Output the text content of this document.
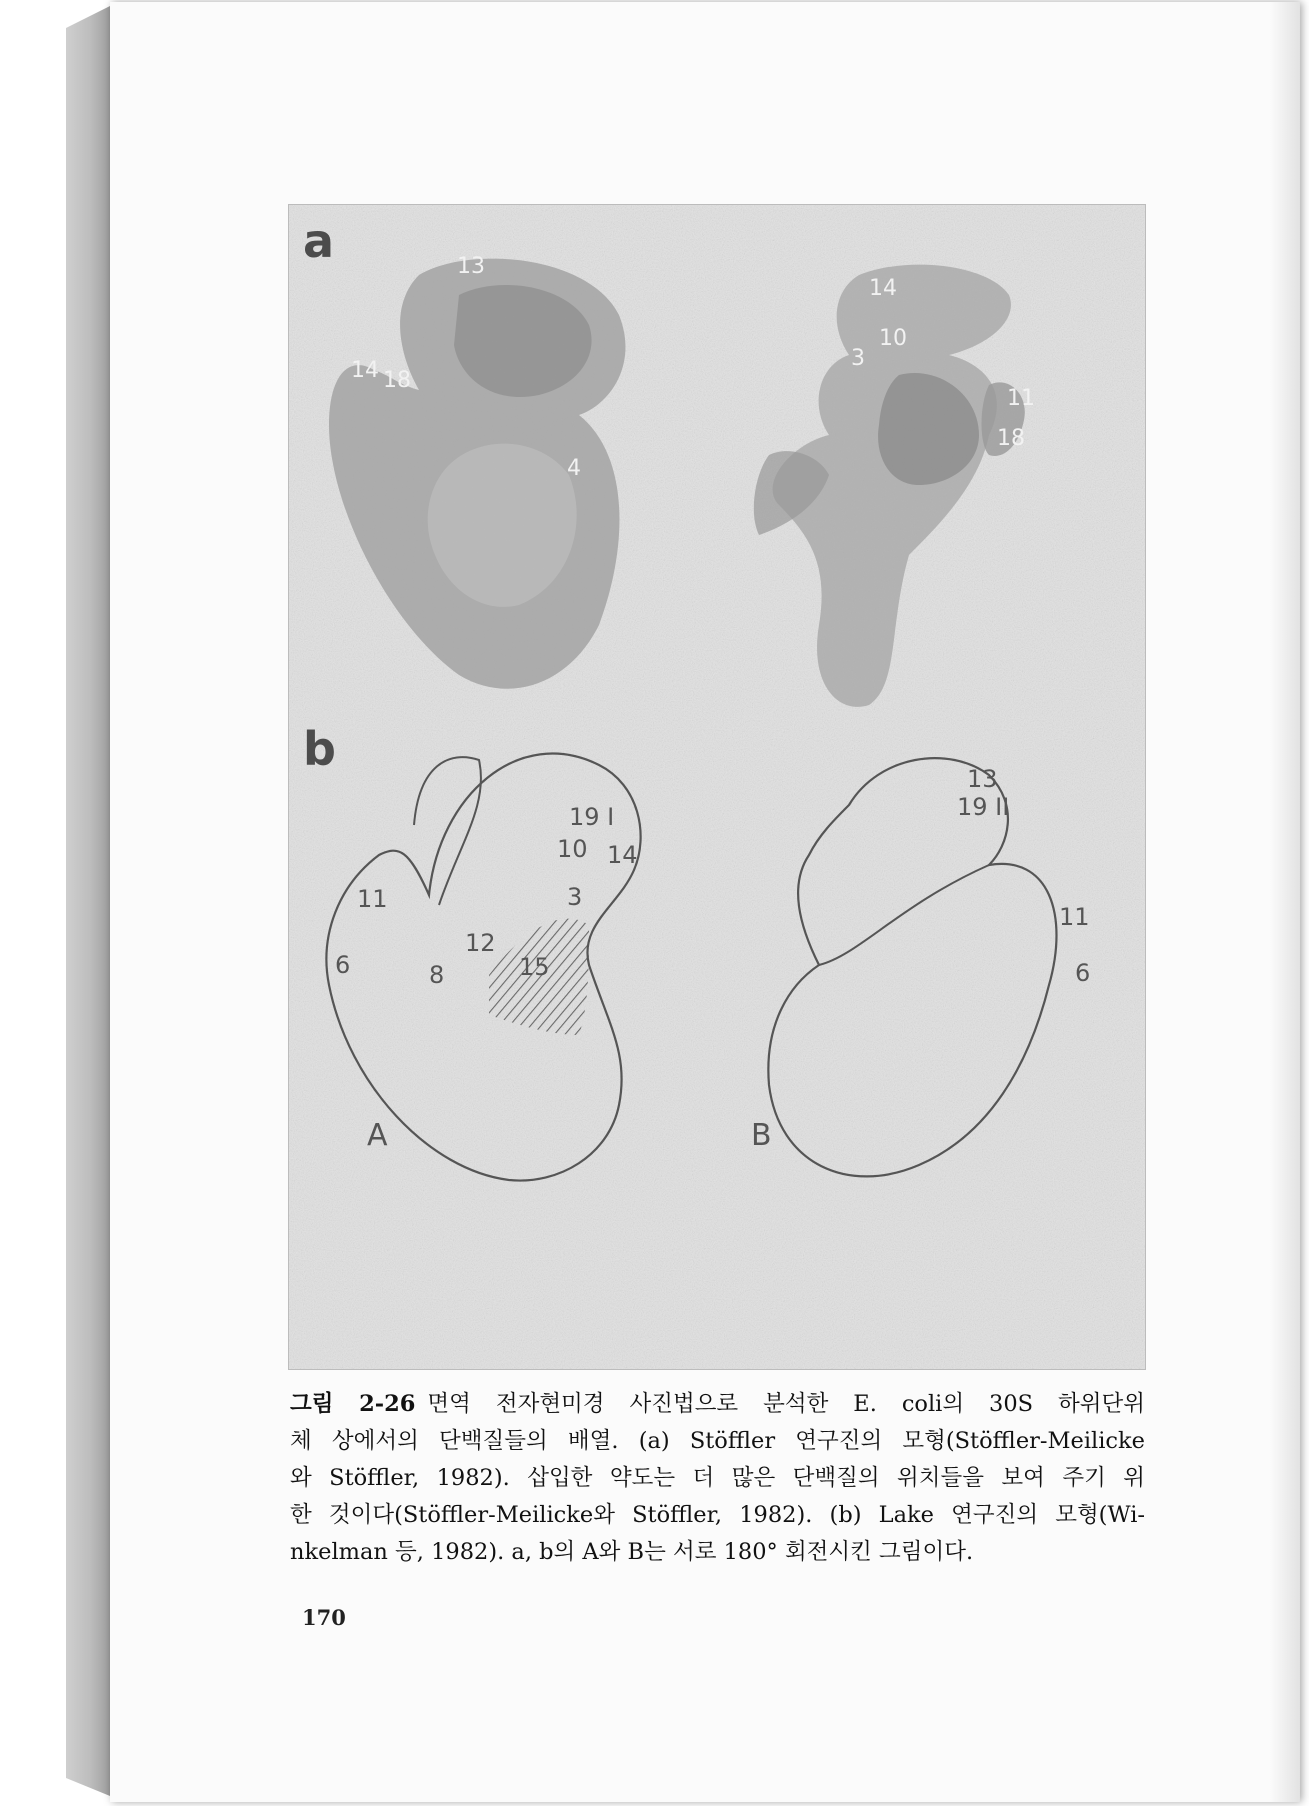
a
b
13
14 18
4
14
3
10
11
18
19 I
10 14
3
11
6	8
12
15
13
19 II
11
6
A	B
그림 2-26 면역 전자현미경 사진법으로 분석한 E. coli의 30S 하위단위
체 상에서의 단백질들의 배열. (a) Stöffler 연구진의 모형(Stöffler-Meilicke
와 Stöffler, 1982). 삽입한 약도는 더 많은 단백질의 위치들을 보여 주기 위
한 것이다(Stöffler-Meilicke와 Stöffler, 1982). (b) Lake 연구진의 모형(Wi-
nkelman 등, 1982). a, b의 A와 B는 서로 180° 회전시킨 그림이다.
170
